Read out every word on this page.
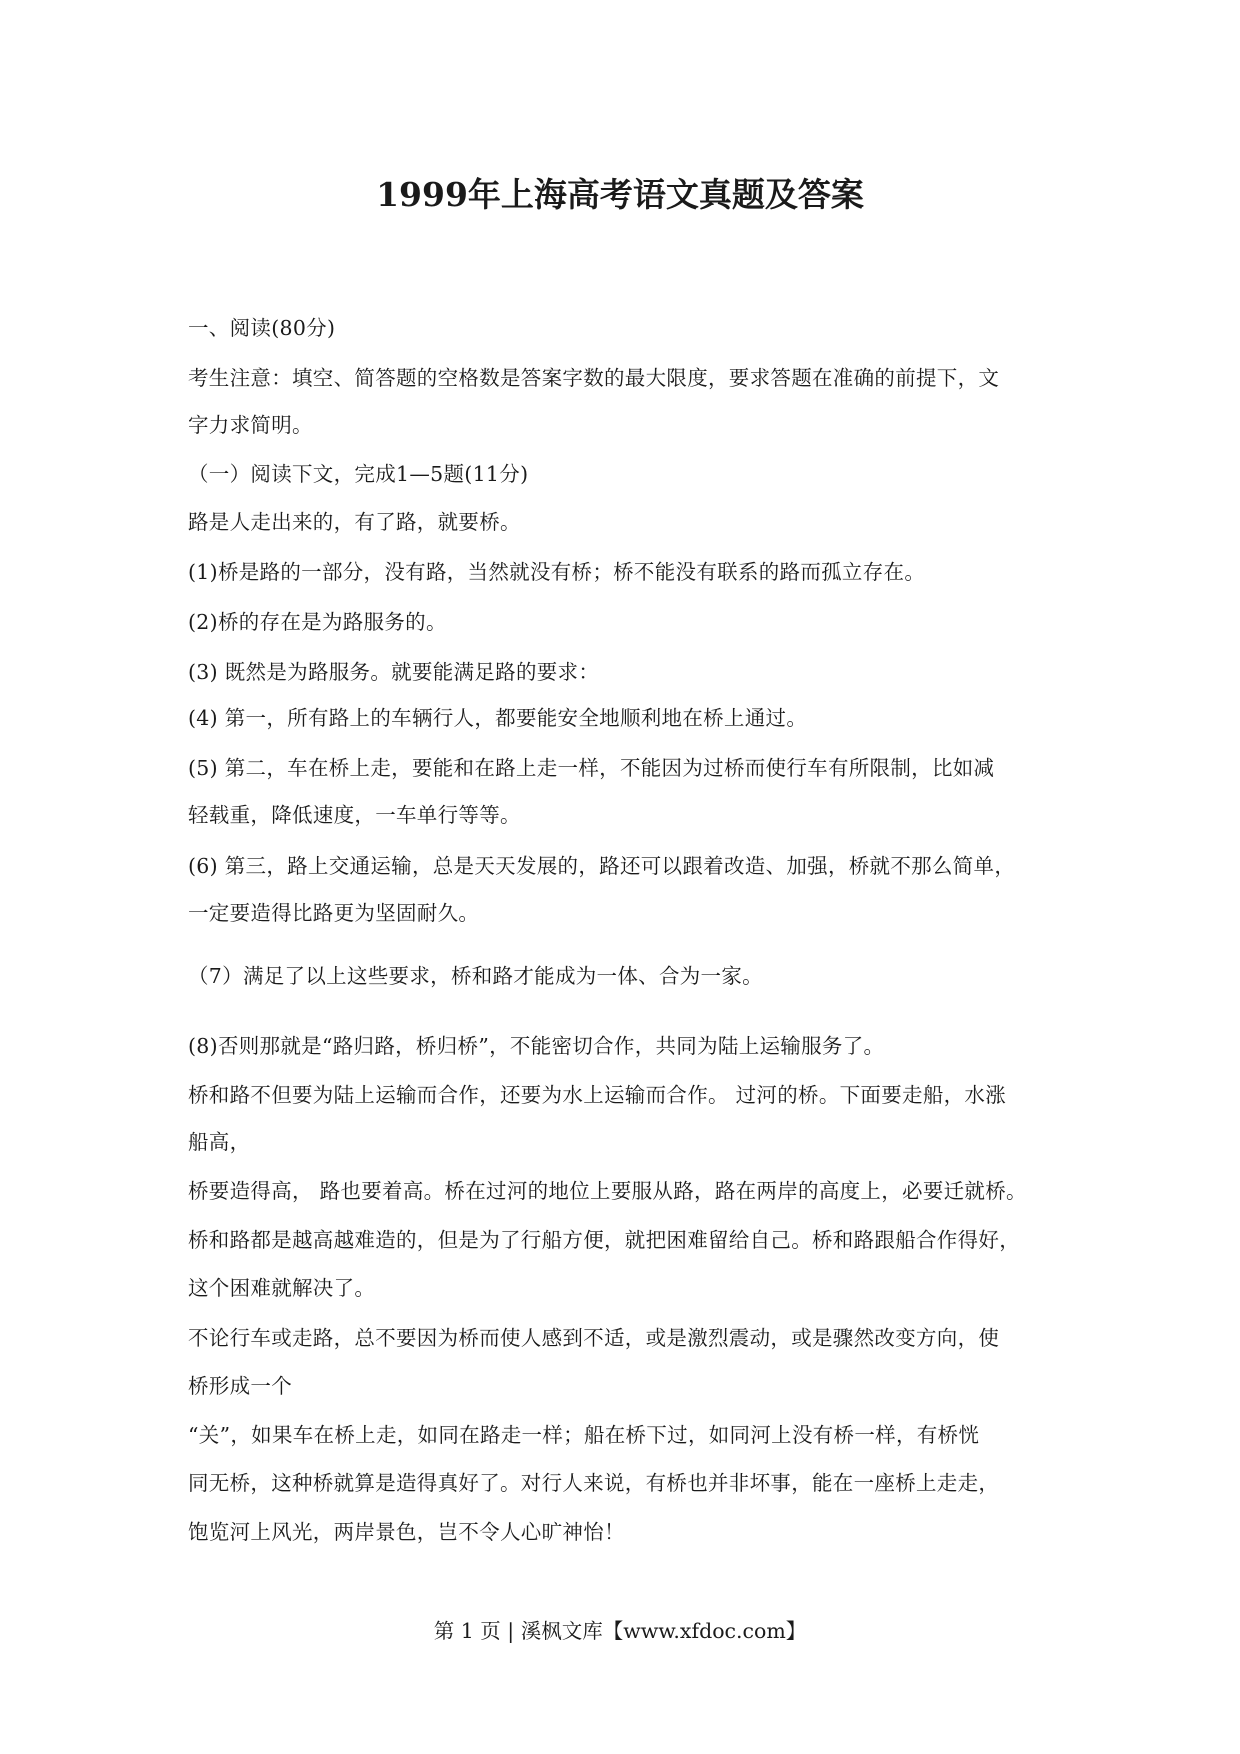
1999年上海高考语文真题及答案
一、阅读(80分)
考生注意：填空、简答题的空格数是答案字数的最大限度，要求答题在准确的前提下，文
字力求简明。
（一）阅读下文，完成1—5题(11分)
路是人走出来的，有了路，就要桥。
(1)桥是路的一部分，没有路，当然就没有桥；桥不能没有联系的路而孤立存在。
(2)桥的存在是为路服务的。
(3) 既然是为路服务。就要能满足路的要求：
(4) 第一，所有路上的车辆行人，都要能安全地顺利地在桥上通过。
(5) 第二，车在桥上走，要能和在路上走一样，不能因为过桥而使行车有所限制，比如减
轻载重，降低速度，一车单行等等。
(6) 第三，路上交通运输，总是天天发展的，路还可以跟着改造、加强，桥就不那么简单，
一定要造得比路更为坚固耐久。
（7）满足了以上这些要求，桥和路才能成为一体、合为一家。
(8)否则那就是“路归路，桥归桥”，不能密切合作，共同为陆上运输服务了。
桥和路不但要为陆上运输而合作，还要为水上运输而合作。 过河的桥。下面要走船，水涨
船高，
桥要造得高， 路也要着高。桥在过河的地位上要服从路，路在两岸的高度上，必要迁就桥。
桥和路都是越高越难造的，但是为了行船方便，就把困难留给自己。桥和路跟船合作得好，
这个困难就解决了。
不论行车或走路，总不要因为桥而使人感到不适，或是激烈震动，或是骤然改变方向，使
桥形成一个
“关”，如果车在桥上走，如同在路走一样；船在桥下过，如同河上没有桥一样，有桥恍
同无桥，这种桥就算是造得真好了。对行人来说，有桥也并非坏事，能在一座桥上走走，
饱览河上风光，两岸景色，岂不令人心旷神怡！
第 1 页 | 溪枫文库【www.xfdoc.com】
